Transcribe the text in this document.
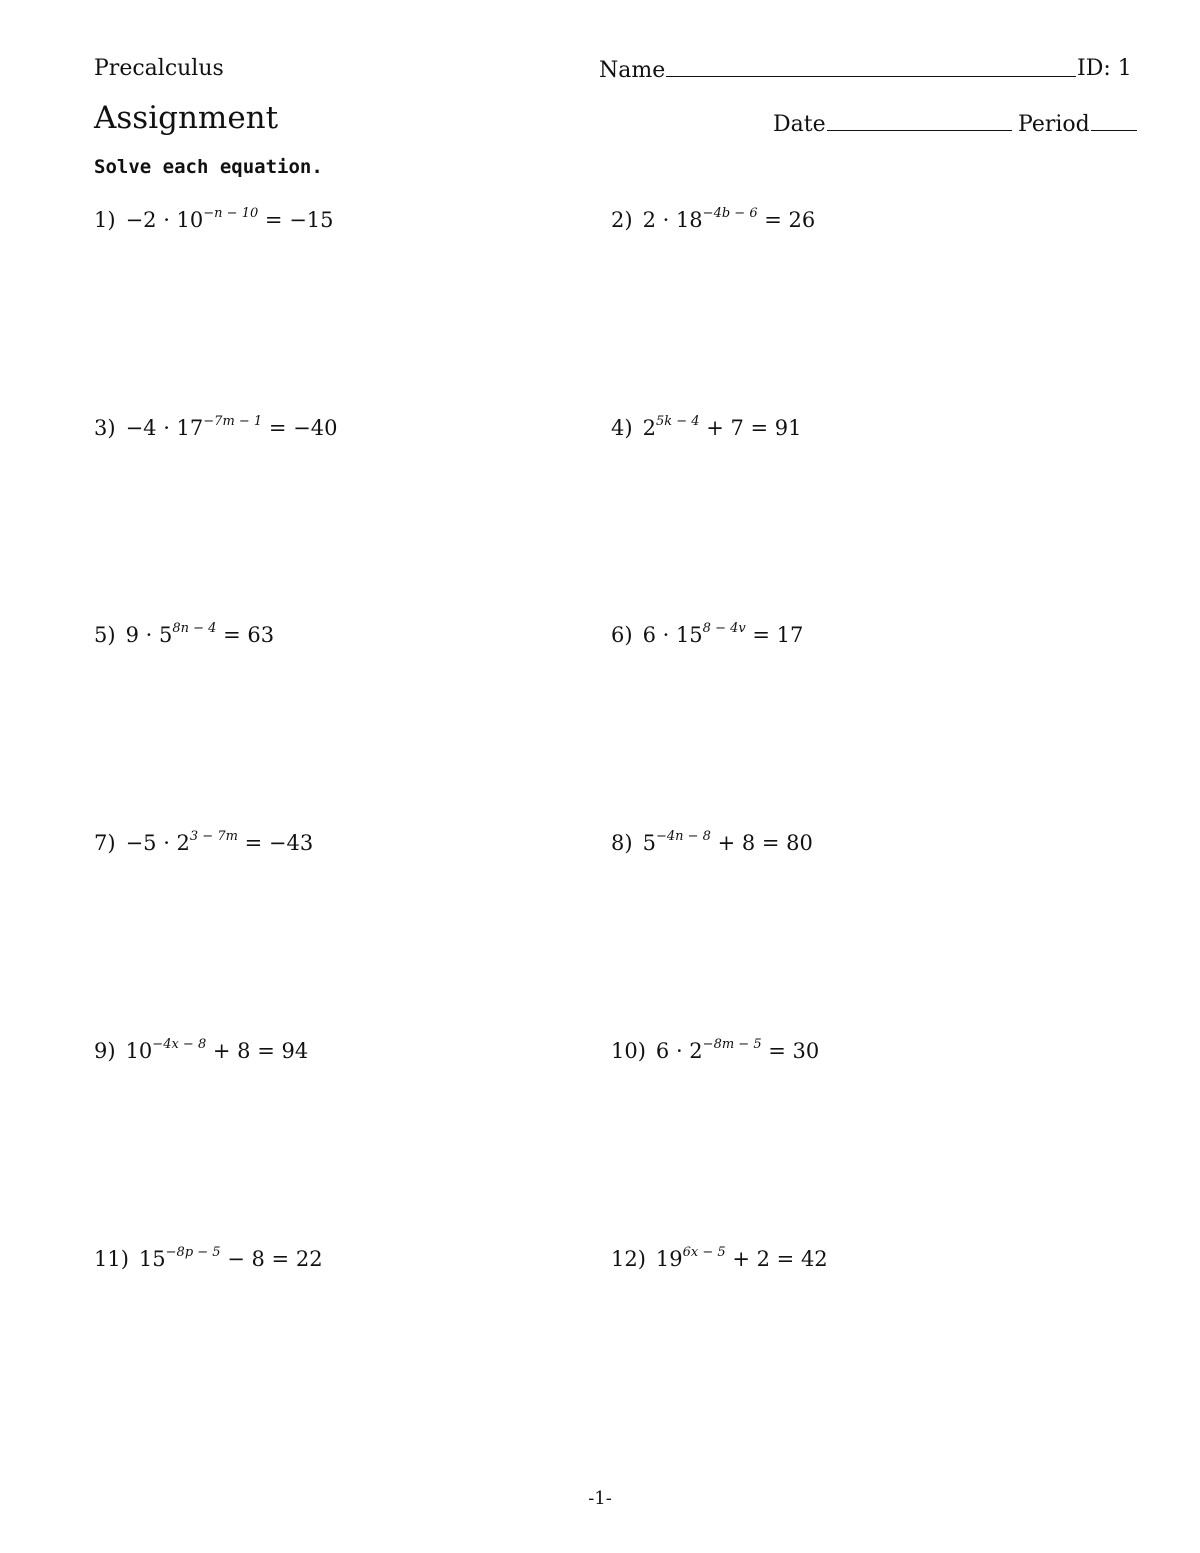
Precalculus	Name	ID: 1
Assignment	Date	Period
Solve each equation.
$1) -2 \cdot 10^{-n - 10} = -15$	2) $2 \cdot 18^{-4b - 6} = 26$
$3) -4 \cdot 17^{-7m - 1} = -40$	4) $2^{5k - 4} + 7 = 91$
5) $9 \cdot 5^{8n - 4} = 63$	6) $6 \cdot 15^{8 - 4v} = 17$
$7) -5 \cdot 2^{3 - 7m} = -43$	8) $5^{-4n - 8} + 8 = 80$
9) $10^{-4x - 8} + 8 = 94$	10) $6 \cdot 2^{-8m - 5} = 30$
11) $15^{-8p - 5} - 8 = 22$	12) $19^{6x - 5} + 2 = 42$
-1-
